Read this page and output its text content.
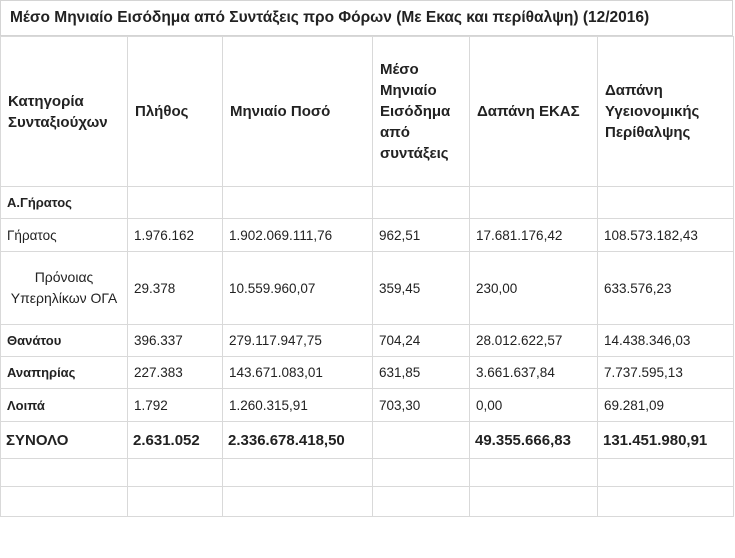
Μέσο Μηνιαίο Εισόδημα από Συντάξεις προ Φόρων (Με Εκας και περίθαλψη) (12/2016)
Κατηγορία Συνταξιούχων	Πλήθος	Μηνιαίο Ποσό	Μέσο Μηνιαίο Εισόδημα από συντάξεις	Δαπάνη ΕΚΑΣ	Δαπάνη Υγειονομικής Περίθαλψης
Α.Γήρατος					
Γήρατος	1.976.162	1.902.069.111,76	962,51	17.681.176,42	108.573.182,43
Πρόνοιας Υπερηλίκων ΟΓΑ	29.378	10.559.960,07	359,45	230,00	633.576,23
Θανάτου	396.337	279.117.947,75	704,24	28.012.622,57	14.438.346,03
Αναπηρίας	227.383	143.671.083,01	631,85	3.661.637,84	7.737.595,13
Λοιπά	1.792	1.260.315,91	703,30	0,00	69.281,09
ΣΥΝΟΛΟ	2.631.052	2.336.678.418,50		49.355.666,83	131.451.980,91
